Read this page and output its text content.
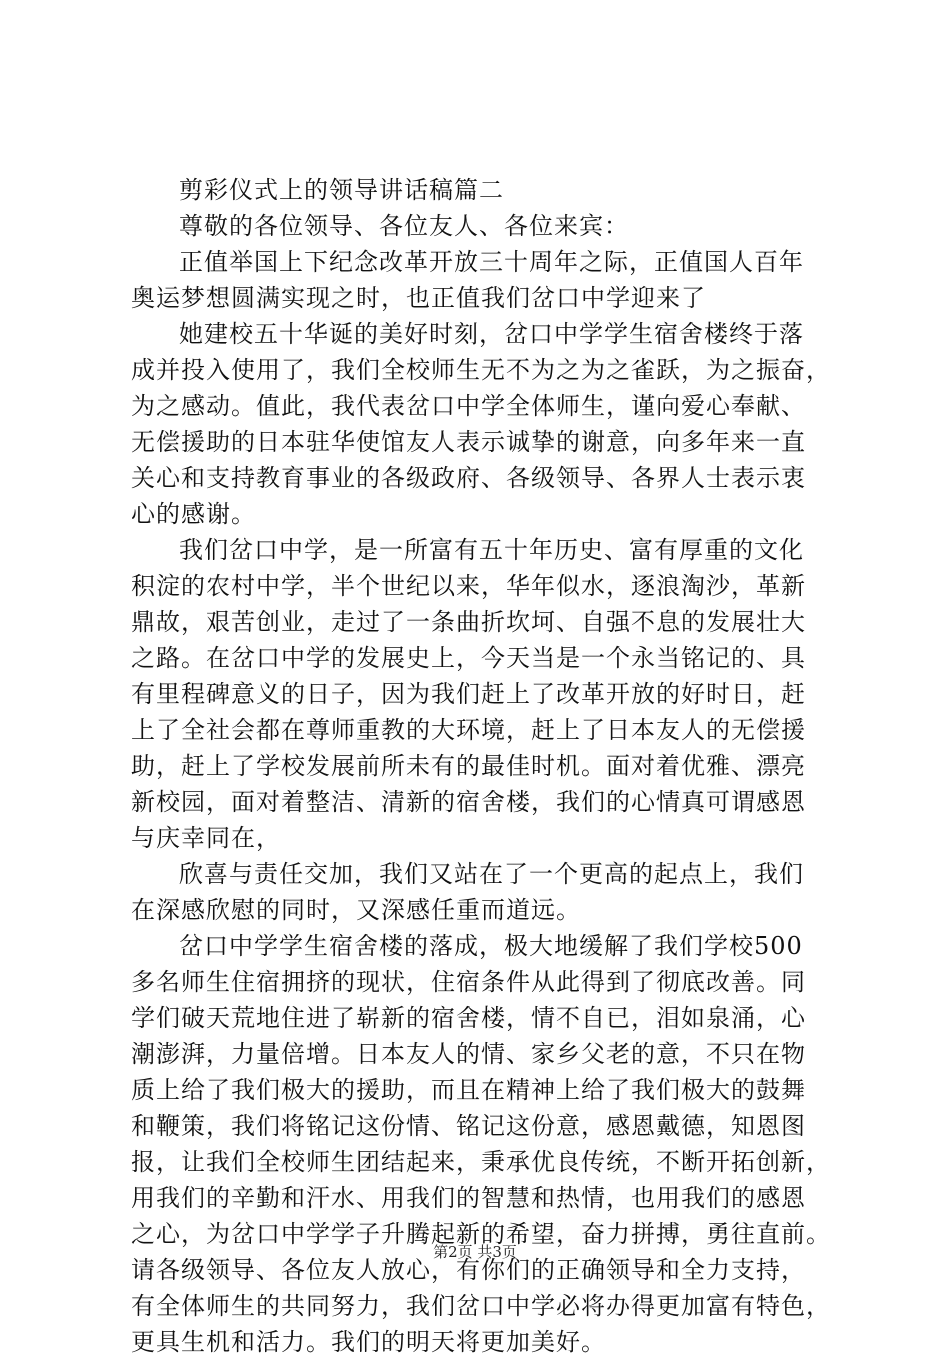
剪彩仪式上的领导讲话稿篇二
尊敬的各位领导、各位友人、各位来宾：
正值举国上下纪念改革开放三十周年之际，正值国人百年
奥运梦想圆满实现之时，也正值我们岔口中学迎来了
她建校五十华诞的美好时刻，岔口中学学生宿舍楼终于落
成并投入使用了，我们全校师生无不为之为之雀跃，为之振奋，
为之感动。值此，我代表岔口中学全体师生，谨向爱心奉献、
无偿援助的日本驻华使馆友人表示诚挚的谢意，向多年来一直
关心和支持教育事业的各级政府、各级领导、各界人士表示衷
心的感谢。
我们岔口中学，是一所富有五十年历史、富有厚重的文化
积淀的农村中学，半个世纪以来，华年似水，逐浪淘沙，革新
鼎故，艰苦创业，走过了一条曲折坎坷、自强不息的发展壮大
之路。在岔口中学的发展史上，今天当是一个永当铭记的、具
有里程碑意义的日子，因为我们赶上了改革开放的好时日，赶
上了全社会都在尊师重教的大环境，赶上了日本友人的无偿援
助，赶上了学校发展前所未有的最佳时机。面对着优雅、漂亮
新校园，面对着整洁、清新的宿舍楼，我们的心情真可谓感恩
与庆幸同在，
欣喜与责任交加，我们又站在了一个更高的起点上，我们
在深感欣慰的同时，又深感任重而道远。
岔口中学学生宿舍楼的落成，极大地缓解了我们学校500
多名师生住宿拥挤的现状，住宿条件从此得到了彻底改善。同
学们破天荒地住进了崭新的宿舍楼，情不自已，泪如泉涌，心
潮澎湃，力量倍增。日本友人的情、家乡父老的意，不只在物
质上给了我们极大的援助，而且在精神上给了我们极大的鼓舞
和鞭策，我们将铭记这份情、铭记这份意，感恩戴德，知恩图
报，让我们全校师生团结起来，秉承优良传统，不断开拓创新，
用我们的辛勤和汗水、用我们的智慧和热情，也用我们的感恩
之心，为岔口中学学子升腾起新的希望，奋力拼搏，勇往直前。
请各级领导、各位友人放心，有你们的正确领导和全力支持，
有全体师生的共同努力，我们岔口中学必将办得更加富有特色，
更具生机和活力。我们的明天将更加美好。
第2页 共3页
